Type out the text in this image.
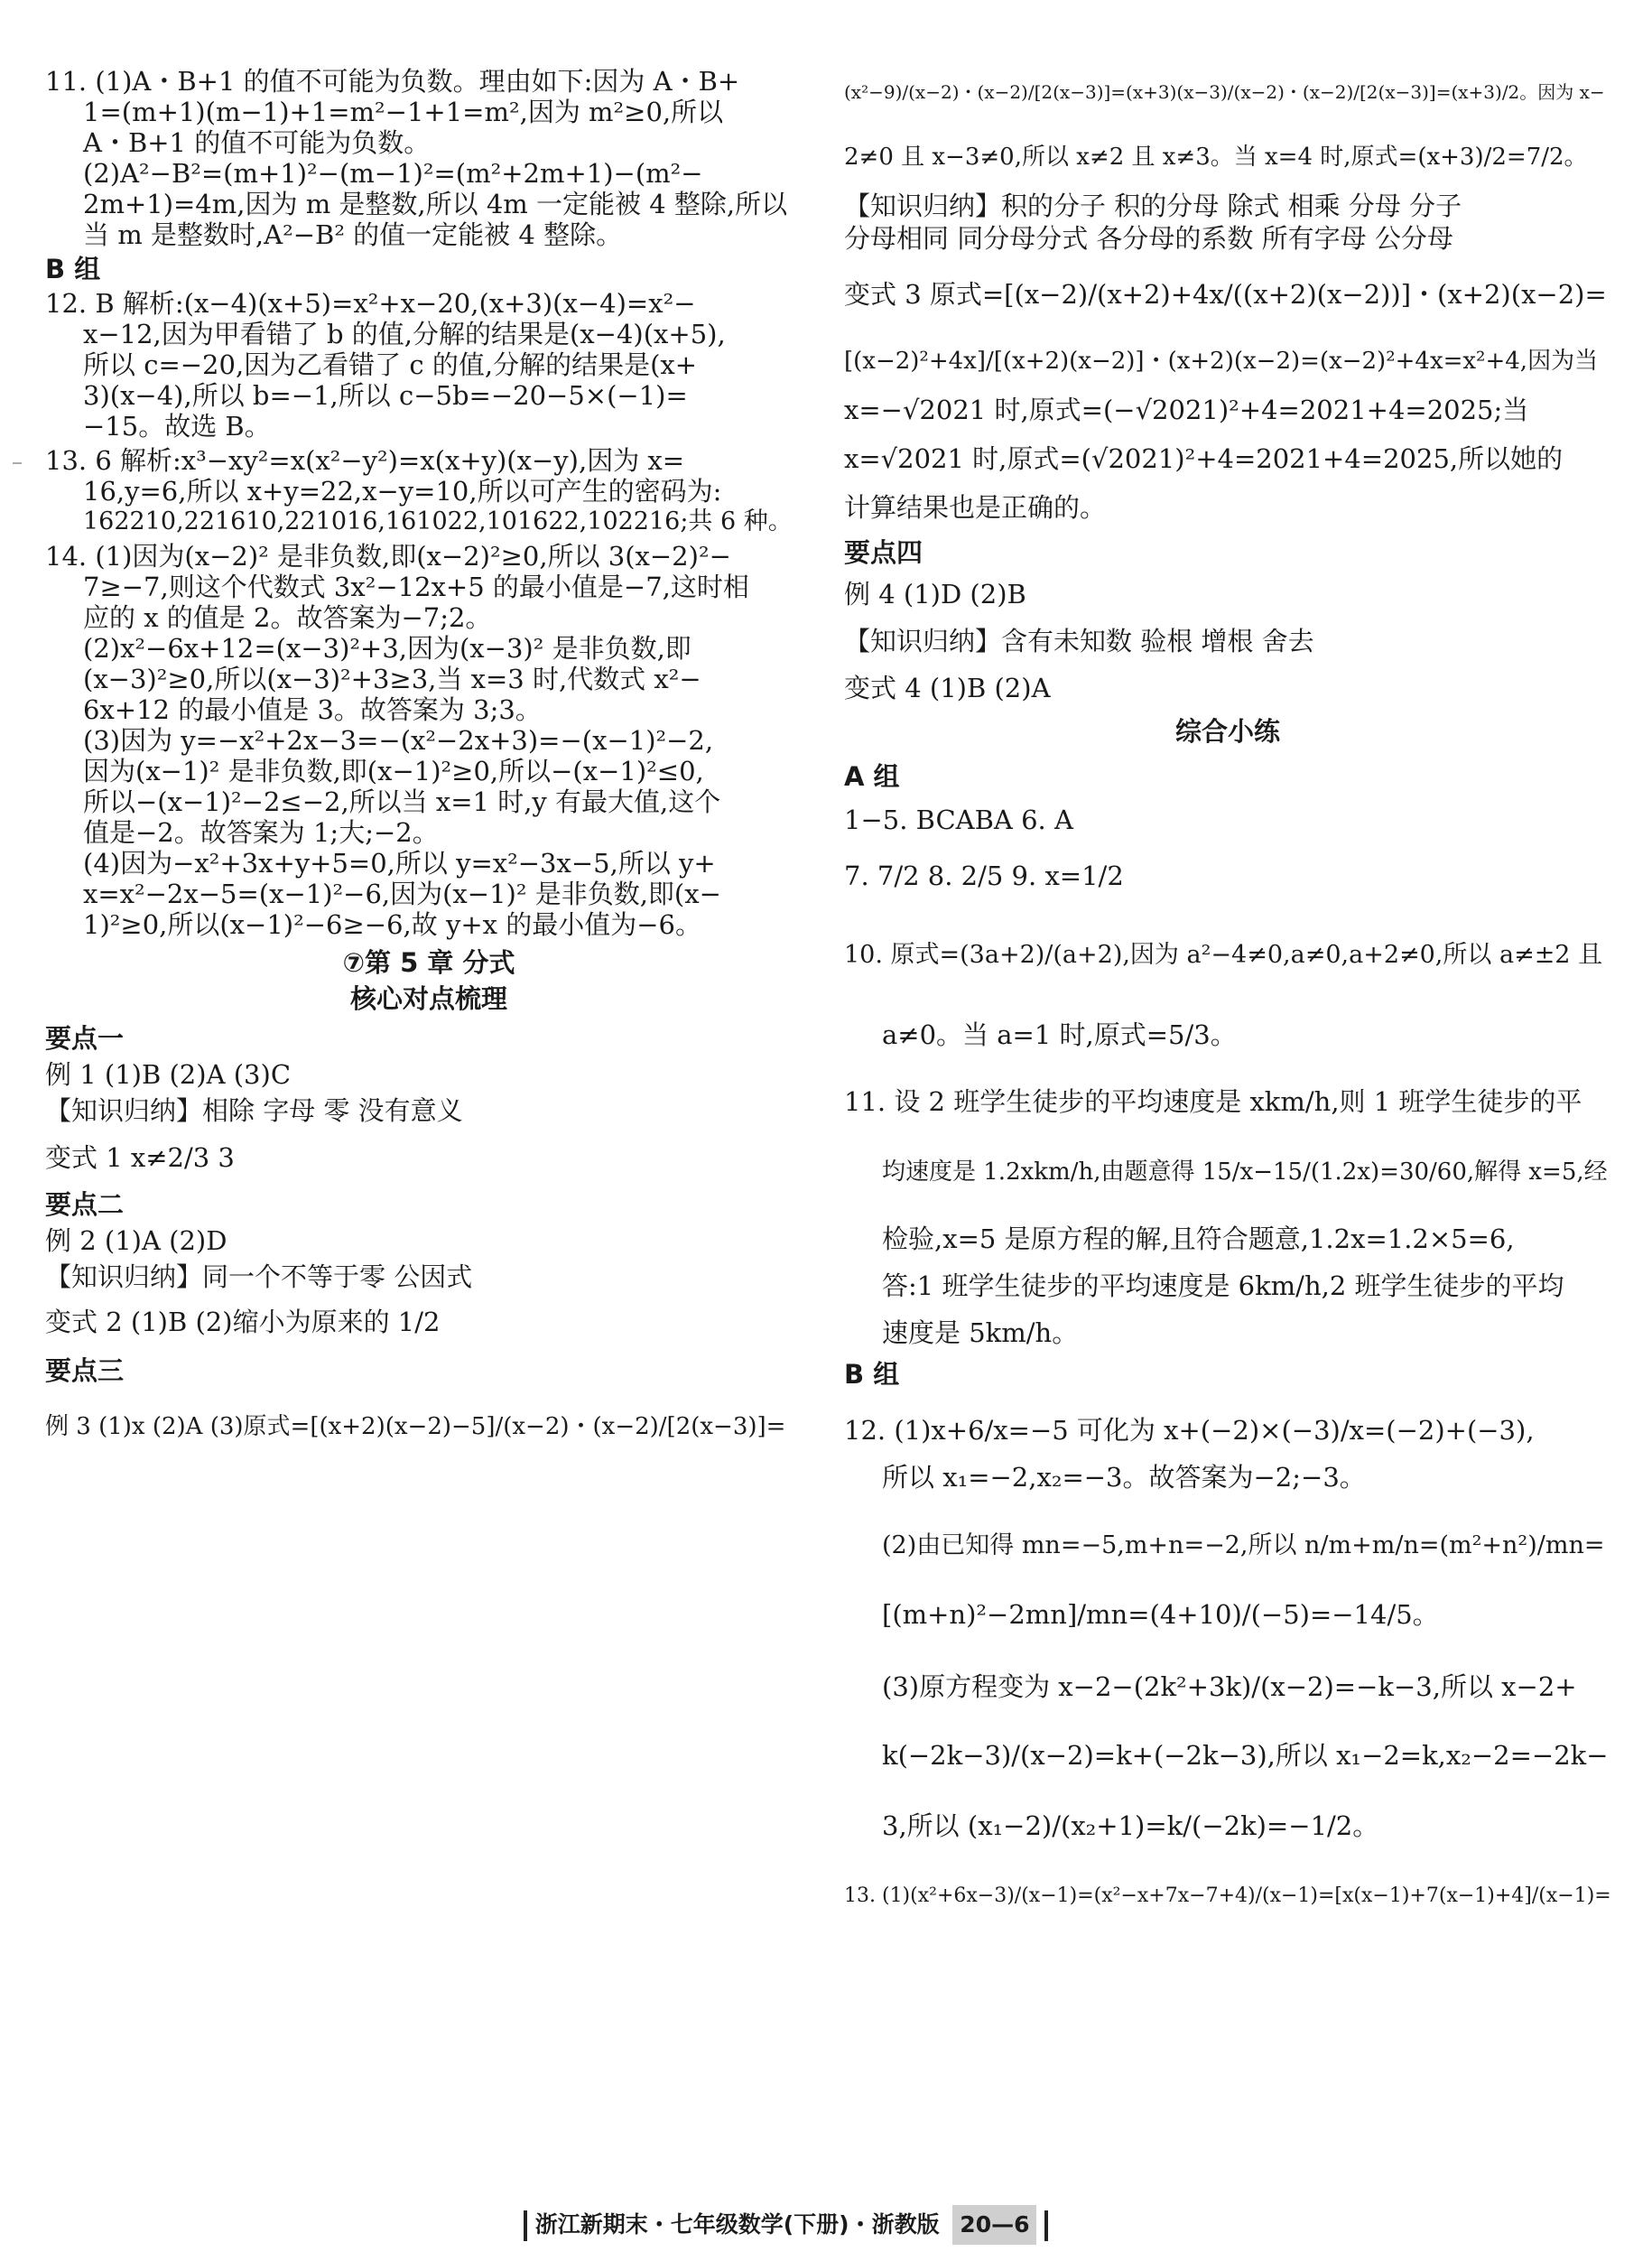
11. (1)A・B+1 的值不可能为负数。理由如下:因为 A・B+
1=(m+1)(m−1)+1=m²−1+1=m²,因为 m²≥0,所以
A・B+1 的值不可能为负数。
(2)A²−B²=(m+1)²−(m−1)²=(m²+2m+1)−(m²−
2m+1)=4m,因为 m 是整数,所以 4m 一定能被 4 整除,所以
当 m 是整数时,A²−B² 的值一定能被 4 整除。
B 组
12. B 解析:(x−4)(x+5)=x²+x−20,(x+3)(x−4)=x²−
x−12,因为甲看错了 b 的值,分解的结果是(x−4)(x+5),
所以 c=−20,因为乙看错了 c 的值,分解的结果是(x+
3)(x−4),所以 b=−1,所以 c−5b=−20−5×(−1)=
−15。故选 B。
13. 6 解析:x³−xy²=x(x²−y²)=x(x+y)(x−y),因为 x=
16,y=6,所以 x+y=22,x−y=10,所以可产生的密码为:
162210,221610,221016,161022,101622,102216;共 6 种。
14. (1)因为(x−2)² 是非负数,即(x−2)²≥0,所以 3(x−2)²−
7≥−7,则这个代数式 3x²−12x+5 的最小值是−7,这时相
应的 x 的值是 2。故答案为−7;2。
(2)x²−6x+12=(x−3)²+3,因为(x−3)² 是非负数,即
(x−3)²≥0,所以(x−3)²+3≥3,当 x=3 时,代数式 x²−
6x+12 的最小值是 3。故答案为 3;3。
(3)因为 y=−x²+2x−3=−(x²−2x+3)=−(x−1)²−2,
因为(x−1)² 是非负数,即(x−1)²≥0,所以−(x−1)²≤0,
所以−(x−1)²−2≤−2,所以当 x=1 时,y 有最大值,这个
值是−2。故答案为 1;大;−2。
(4)因为−x²+3x+y+5=0,所以 y=x²−3x−5,所以 y+
x=x²−2x−5=(x−1)²−6,因为(x−1)² 是非负数,即(x−
1)²≥0,所以(x−1)²−6≥−6,故 y+x 的最小值为−6。
⑦第 5 章 分式
核心对点梳理
要点一
例 1 (1)B (2)A (3)C
【知识归纳】相除 字母 零 没有意义
变式 1 x≠2/3 3
要点二
例 2 (1)A (2)D
【知识归纳】同一个不等于零 公因式
变式 2 (1)B (2)缩小为原来的 1/2
要点三
例 3 (1)x (2)A (3)原式=[(x+2)(x−2)−5]/(x−2)・(x−2)/[2(x−3)]=
(x²−9)/(x−2)・(x−2)/[2(x−3)]=(x+3)(x−3)/(x−2)・(x−2)/[2(x−3)]=(x+3)/2。因为 x−
2≠0 且 x−3≠0,所以 x≠2 且 x≠3。当 x=4 时,原式=(x+3)/2=7/2。
【知识归纳】积的分子 积的分母 除式 相乘 分母 分子
分母相同 同分母分式 各分母的系数 所有字母 公分母
变式 3 原式=[(x−2)/(x+2)+4x/((x+2)(x−2))]・(x+2)(x−2)=
[(x−2)²+4x]/[(x+2)(x−2)]・(x+2)(x−2)=(x−2)²+4x=x²+4,因为当
x=−√2021 时,原式=(−√2021)²+4=2021+4=2025;当
x=√2021 时,原式=(√2021)²+4=2021+4=2025,所以她的
计算结果也是正确的。
要点四
例 4 (1)D (2)B
【知识归纳】含有未知数 验根 增根 舍去
变式 4 (1)B (2)A
综合小练
A 组
1−5. BCABA 6. A
7. 7/2 8. 2/5 9. x=1/2
10. 原式=(3a+2)/(a+2),因为 a²−4≠0,a≠0,a+2≠0,所以 a≠±2 且
a≠0。当 a=1 时,原式=5/3。
11. 设 2 班学生徒步的平均速度是 xkm/h,则 1 班学生徒步的平
均速度是 1.2xkm/h,由题意得 15/x−15/(1.2x)=30/60,解得 x=5,经
检验,x=5 是原方程的解,且符合题意,1.2x=1.2×5=6,
答:1 班学生徒步的平均速度是 6km/h,2 班学生徒步的平均
速度是 5km/h。
B 组
12. (1)x+6/x=−5 可化为 x+(−2)×(−3)/x=(−2)+(−3),
所以 x₁=−2,x₂=−3。故答案为−2;−3。
(2)由已知得 mn=−5,m+n=−2,所以 n/m+m/n=(m²+n²)/mn=
[(m+n)²−2mn]/mn=(4+10)/(−5)=−14/5。
(3)原方程变为 x−2−(2k²+3k)/(x−2)=−k−3,所以 x−2+
k(−2k−3)/(x−2)=k+(−2k−3),所以 x₁−2=k,x₂−2=−2k−
3,所以 (x₁−2)/(x₂+1)=k/(−2k)=−1/2。
13. (1)(x²+6x−3)/(x−1)=(x²−x+7x−7+4)/(x−1)=[x(x−1)+7(x−1)+4]/(x−1)=
浙江新期末・七年级数学(下册)・浙教版 20—6
